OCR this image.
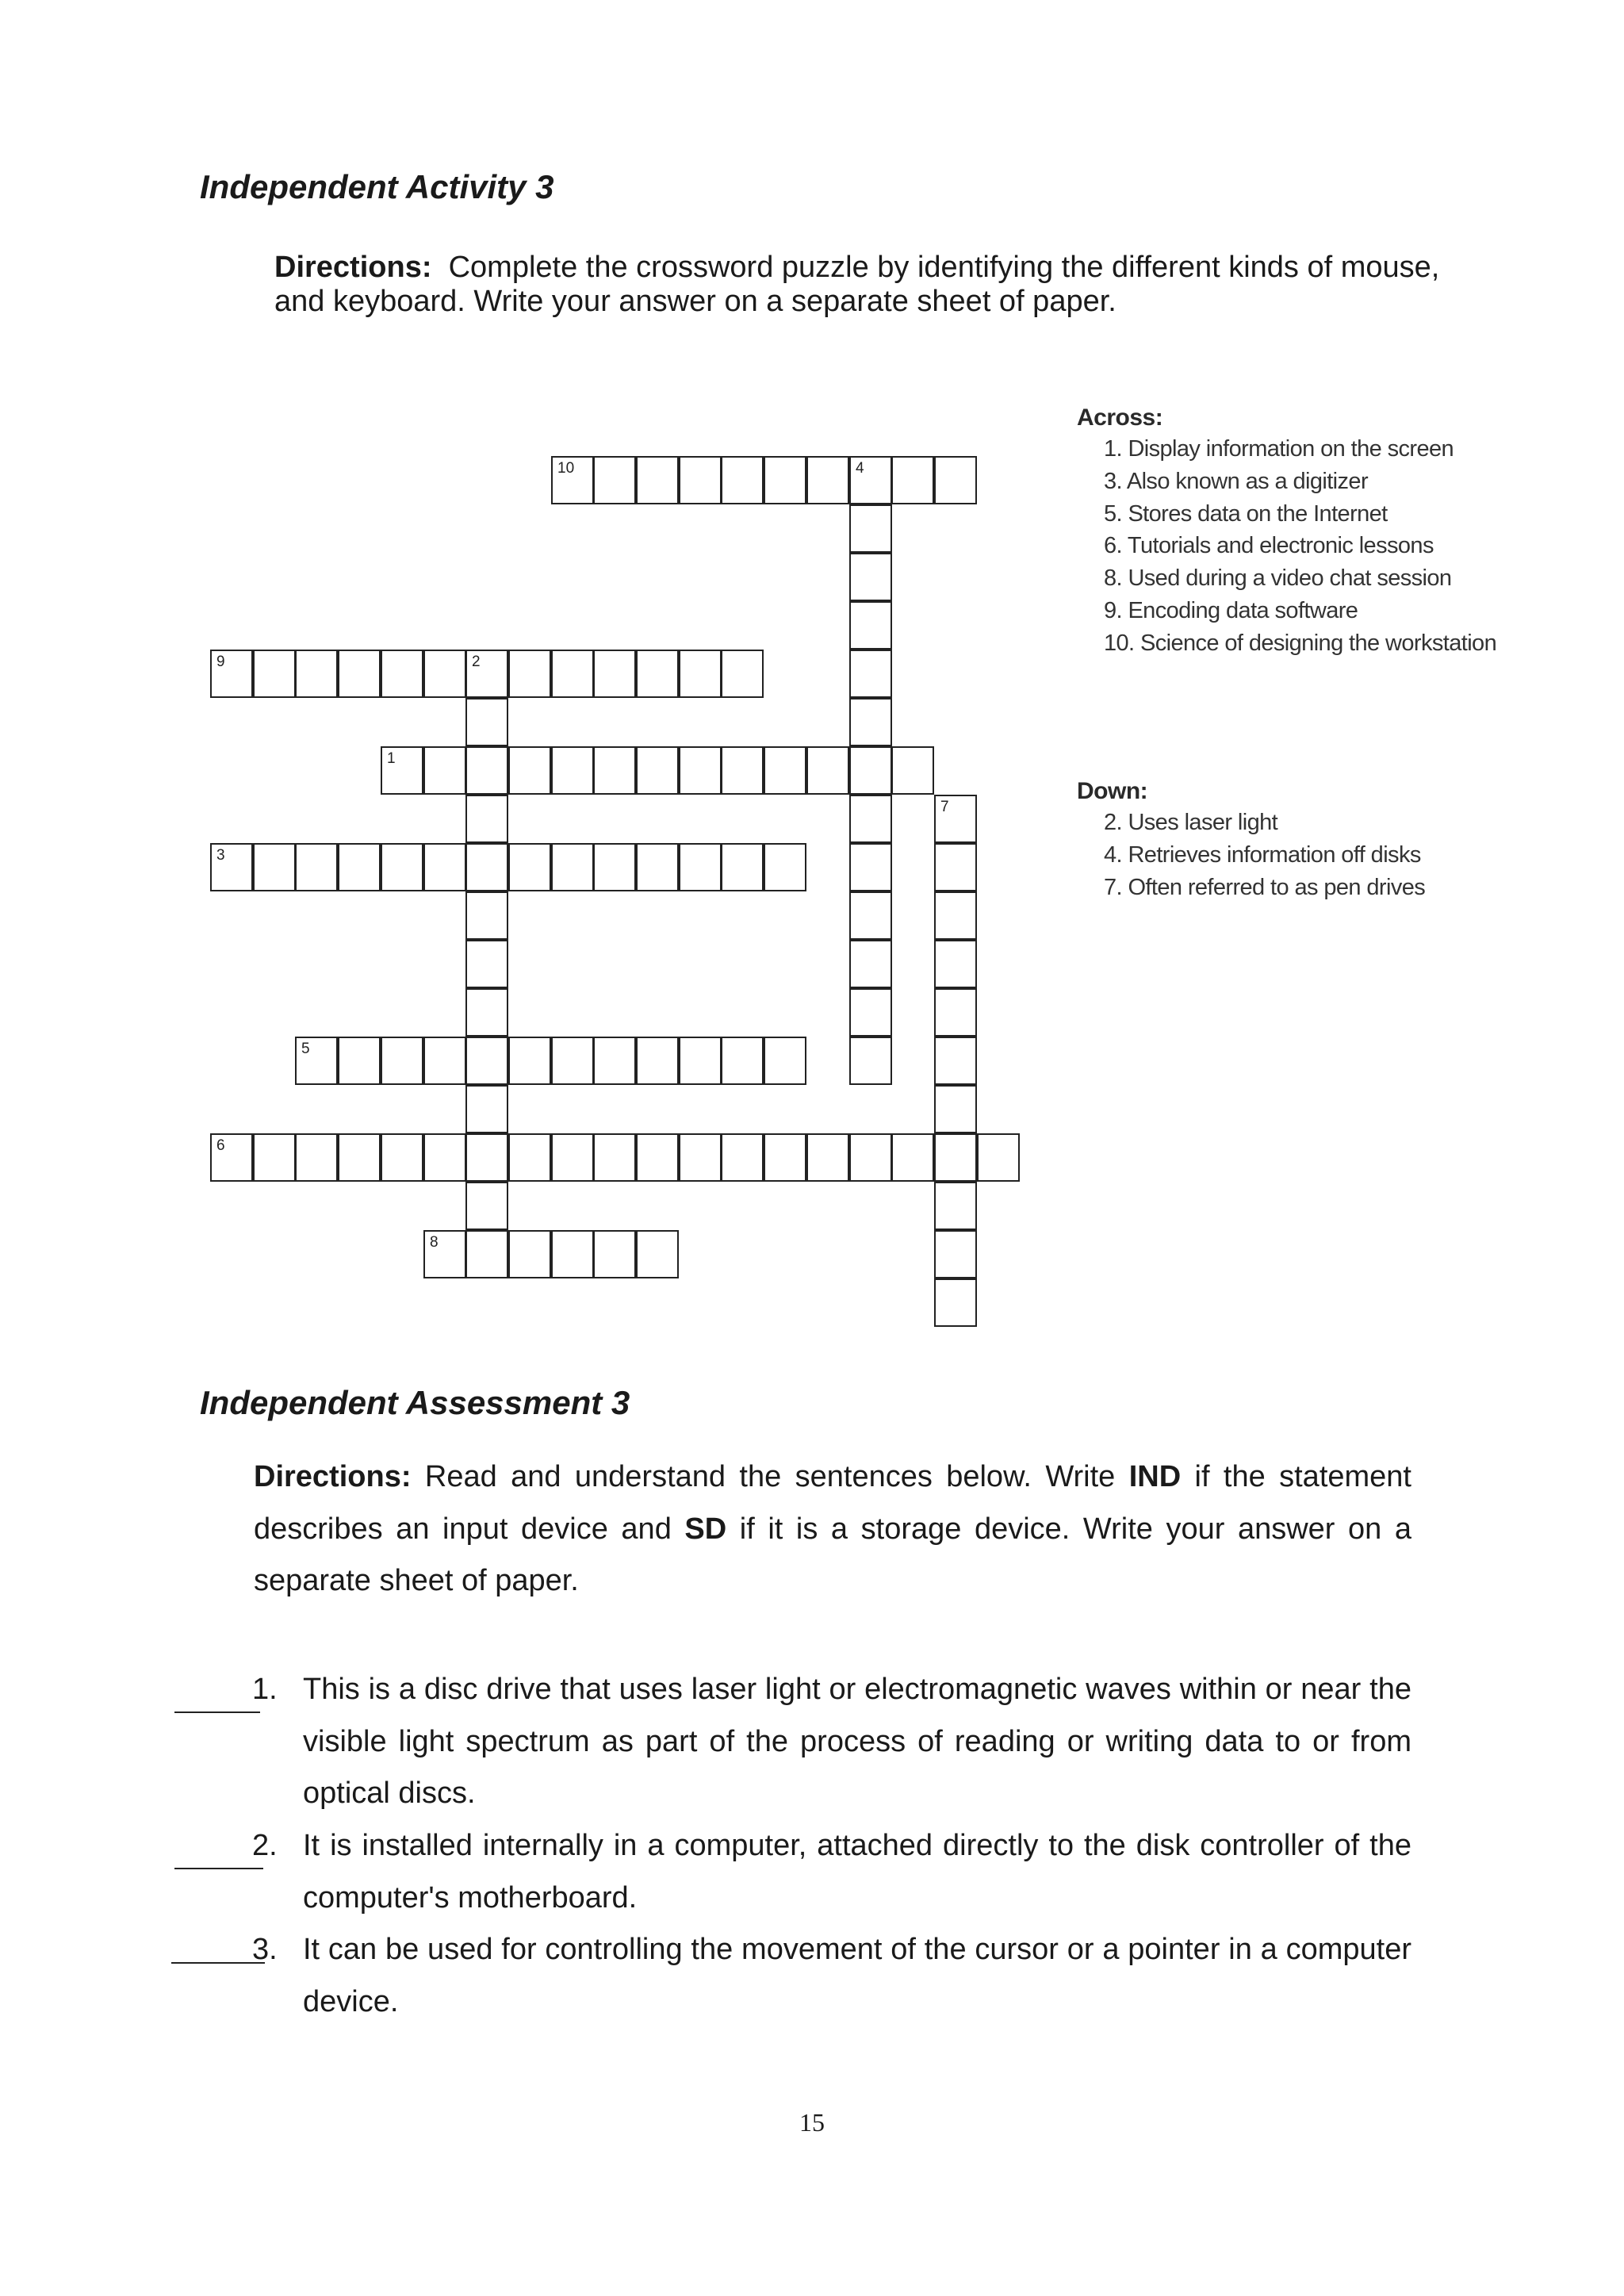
Independent Activity 3
Directions: Complete the crossword puzzle by identifying the different kinds of mouse,
and keyboard. Write your answer on a separate sheet of paper.
10	4
9	2
1
3
5
6
8
7
Across:
1. Display information on the screen
3. Also known as a digitizer
5. Stores data on the Internet
6. Tutorials and electronic lessons
8. Used during a video chat session
9. Encoding data software
10. Science of designing the workstation
Down:
2. Uses laser light
4. Retrieves information off disks
7. Often referred to as pen drives
Independent Assessment 3
Directions: Read and understand the sentences below. Write IND if the statement describes an input device and SD if it is a storage device. Write your answer on a separate sheet of paper.
1. This is a disc drive that uses laser light or electromagnetic waves within or near the visible light spectrum as part of the process of reading or writing data to or from optical discs.
2. It is installed internally in a computer, attached directly to the disk controller of the computer's motherboard.
3. It can be used for controlling the movement of the cursor or a pointer in a computer device.
15
